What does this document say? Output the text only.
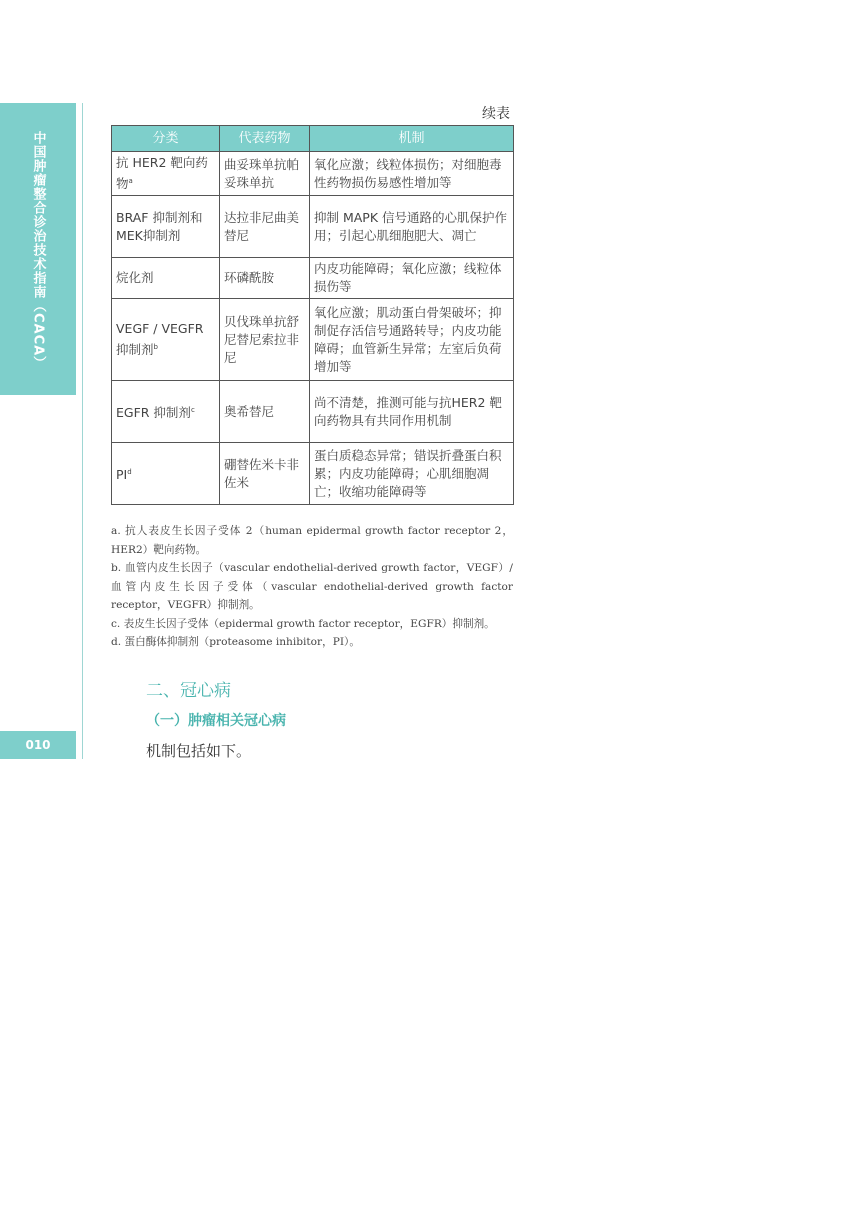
中国肿瘤整合诊治技术指南（CACA）
010
续表
分类	代表药物	机制
抗 HER2 靶向药物$^a$	曲妥珠单抗帕妥珠单抗	氧化应激；线粒体损伤；对细胞毒性药物损伤易感性增加等
BRAF 抑制剂和MEK抑制剂	达拉非尼曲美替尼	抑制 MAPK 信号通路的心肌保护作用；引起心肌细胞肥大、凋亡
烷化剂	环磷酰胺	内皮功能障碍；氧化应激；线粒体损伤等
VEGF / VEGFR 抑制剂$^b$	贝伐珠单抗舒尼替尼索拉非尼	氧化应激；肌动蛋白骨架破坏；抑制促存活信号通路转导；内皮功能障碍；血管新生异常；左室后负荷增加等
EGFR 抑制剂$^c$	奥希替尼	尚不清楚，推测可能与抗HER2 靶向药物具有共同作用机制
$PI^d$	硼替佐米卡非佐米	蛋白质稳态异常；错误折叠蛋白积累；内皮功能障碍；心肌细胞凋亡；收缩功能障碍等

a. 抗人表皮生长因子受体 2（human epidermal growth factor receptor 2，HER2）靶向药物。

b. 血管内皮生长因子（vascular endothelial-derived growth factor，VEGF）/血管内皮生长因子受体（vascular endothelial-derived growth factor receptor，VEGFR）抑制剂。

c. 表皮生长因子受体（epidermal growth factor receptor，EGFR）抑制剂。

d. 蛋白酶体抑制剂（proteasome inhibitor，PI）。

二、冠心病
（一）肿瘤相关冠心病
机制包括如下。
